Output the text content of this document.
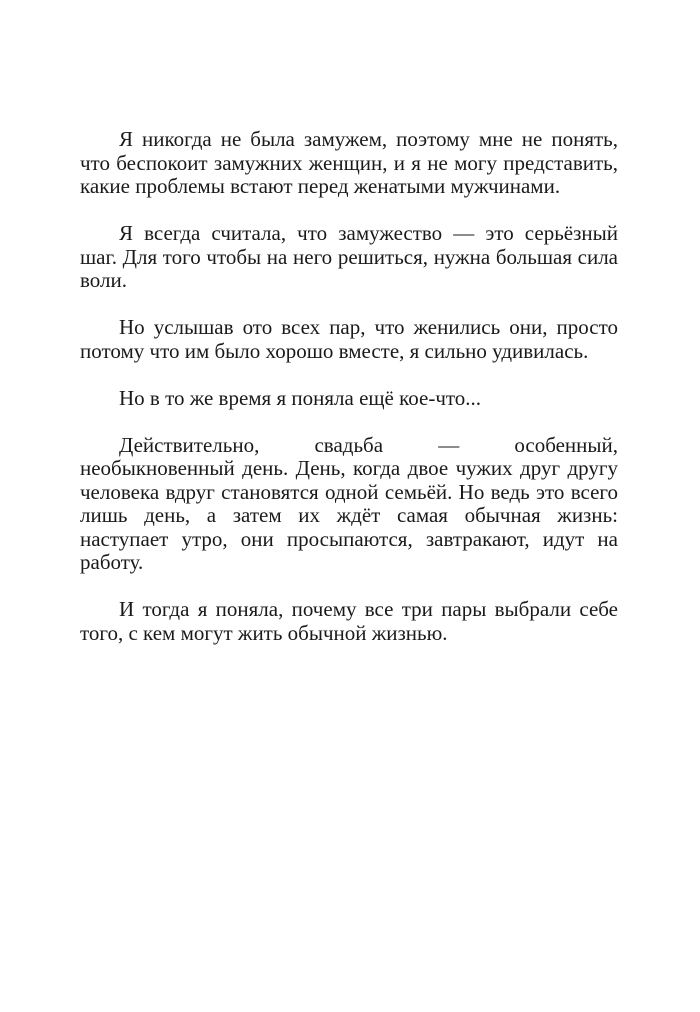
Я никогда не была замужем, поэтому мне не понять, что беспокоит замужних женщин, и я не могу представить, какие проблемы встают перед женатыми мужчинами.

Я всегда считала, что замужество — это серьёзный шаг. Для того чтобы на него решиться, нужна большая сила воли.

Но услышав ото всех пар, что женились они, просто потому что им было хорошо вместе, я сильно удивилась.

Но в то же время я поняла ещё кое-что...

Действительно, свадьба — особенный, необыкновенный день. День, когда двое чужих друг другу человека вдруг становятся одной семьёй. Но ведь это всего лишь день, а затем их ждёт самая обычная жизнь: наступает утро, они просыпаются, завтракают, идут на работу.

И тогда я поняла, почему все три пары выбрали себе того, с кем могут жить обычной жизнью.
